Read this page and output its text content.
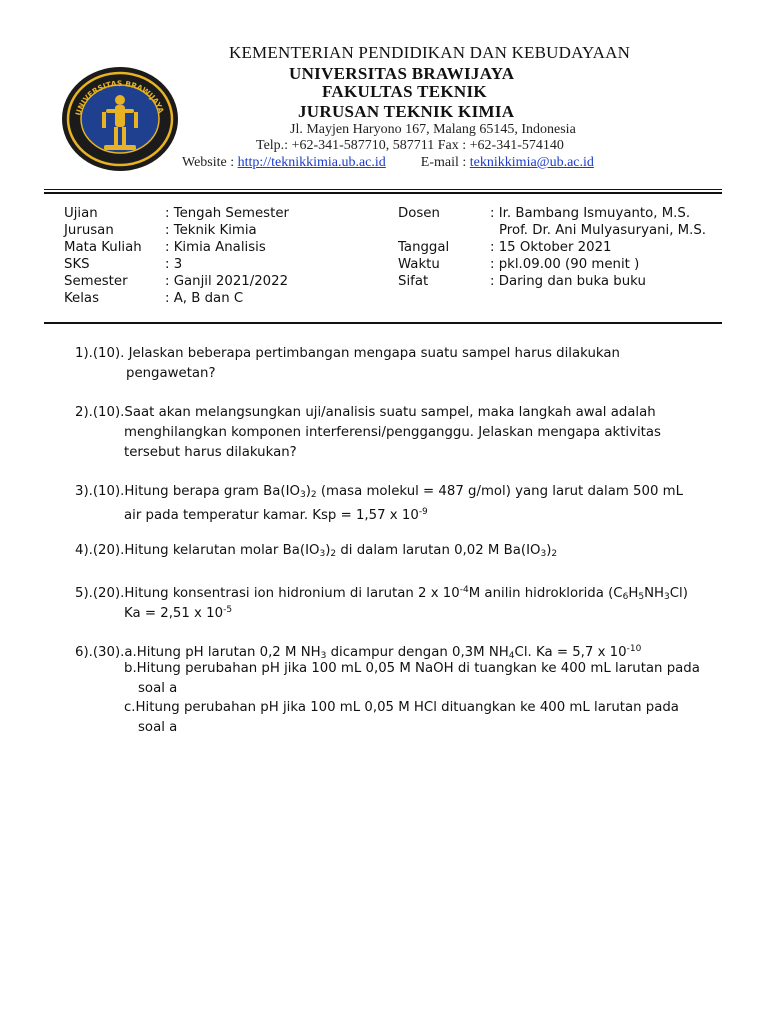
UNIVERSITAS BRAWIJAYA
KEMENTERIAN PENDIDIKAN DAN KEBUDAYAAN
UNIVERSITAS BRAWIJAYA
FAKULTAS TEKNIK
JURUSAN TEKNIK KIMIA
Jl. Mayjen Haryono 167, Malang 65145, Indonesia
Telp.: +62-341-587710, 587711 Fax : +62-341-574140
Website : http://teknikkimia.ub.ac.id	E-mail : teknikkimia@ub.ac.id
Ujian	: Tengah Semester
Jurusan	: Teknik Kimia
Mata Kuliah : Kimia Analisis
SKS	: 3
Semester	: Ganjil 2021/2022
Kelas	: A, B dan C
Dosen	: Ir. Bambang Ismuyanto, M.S.
Prof. Dr. Ani Mulyasuryani, M.S.
Tanggal	: 15 Oktober 2021
Waktu	: pkl.09.00 (90 menit )
Sifat	: Daring dan buka buku
1).(10). Jelaskan beberapa pertimbangan mengapa suatu sampel harus dilakukan
pengawetan?
2).(10).Saat akan melangsungkan uji/analisis suatu sampel, maka langkah awal adalah
menghilangkan komponen interferensi/pengganggu. Jelaskan mengapa aktivitas
tersebut harus dilakukan?
3).(10).Hitung berapa gram $Ba(IO_3)_2$ (masa molekul = 487 g/mol) yang larut dalam 500 mL
air pada temperatur kamar. Ksp = 1,57 x $10^{-9}$
4).(20).Hitung kelarutan molar $Ba(IO_3)_2$ di dalam larutan 0,02 M $Ba(IO_3)_2$
5).(20).Hitung konsentrasi ion hidronium di larutan 2 x $10^{-4}M$ anilin hidroklorida $(C_6H_5NH_3Cl)$
Ka = 2,51 x $10^{-5}$
6).(30).a.Hitung pH larutan 0,2 M $NH_3$ dicampur dengan 0,3M $NH_4Cl$. Ka = 5,7 x $10^{-10}$
b.Hitung perubahan pH jika 100 mL 0,05 M NaOH di tuangkan ke 400 mL larutan pada
soal a
c.Hitung perubahan pH jika 100 mL 0,05 M HCl dituangkan ke 400 mL larutan pada
soal a
